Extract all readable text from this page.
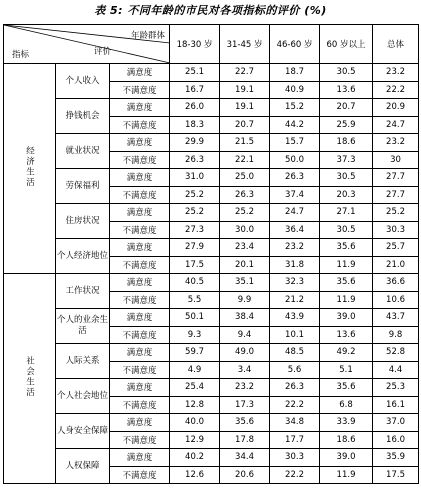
表 5: 不同年龄的市民对各项指标的评价 (%)
年龄群体
评价
指标			18-30 岁	31-45 岁	46-60 岁	60 岁以上	总体
经济生活	个人收入	满意度	25.1	22.7	18.7	30.5	23.2
		不满意度	16.7	19.1	40.9	13.6	22.2

	挣钱机会	满意度	26.0	19.1	15.2	20.7	20.9
		不满意度	18.3	20.7	44.2	25.9	24.7

	就业状况	满意度	29.9	21.5	15.7	18.6	23.2
		不满意度	26.3	22.1	50.0	37.3	30

	劳保福利	满意度	31.0	25.0	26.3	30.5	27.7
		不满意度	25.2	26.3	37.4	20.3	27.7

	住房状况	满意度	25.2	25.2	24.7	27.1	25.2
		不满意度	27.3	30.0	36.4	30.5	30.3

	个人经济地位	满意度	27.9	23.4	23.2	35.6	25.7
		不满意度	17.5	20.1	31.8	11.9	21.0
社会生活	工作状况	满意度	40.5	35.1	32.3	35.6	36.6
		不满意度	5.5	9.9	21.2	11.9	10.6

	个人的业余生活	满意度	50.1	38.4	43.9	39.0	43.7
		不满意度	9.3	9.4	10.1	13.6	9.8

	人际关系	满意度	59.7	49.0	48.5	49.2	52.8
		不满意度	4.9	3.4	5.6	5.1	4.4

	个人社会地位	满意度	25.4	23.2	26.3	35.6	25.3
		不满意度	12.8	17.3	22.2	6.8	16.1

	人身安全保障	满意度	40.0	35.6	34.8	33.9	37.0
		不满意度	12.9	17.8	17.7	18.6	16.0

	人权保障	满意度	40.2	34.4	30.3	39.0	35.9
		不满意度	12.6	20.6	22.2	11.9	17.5
